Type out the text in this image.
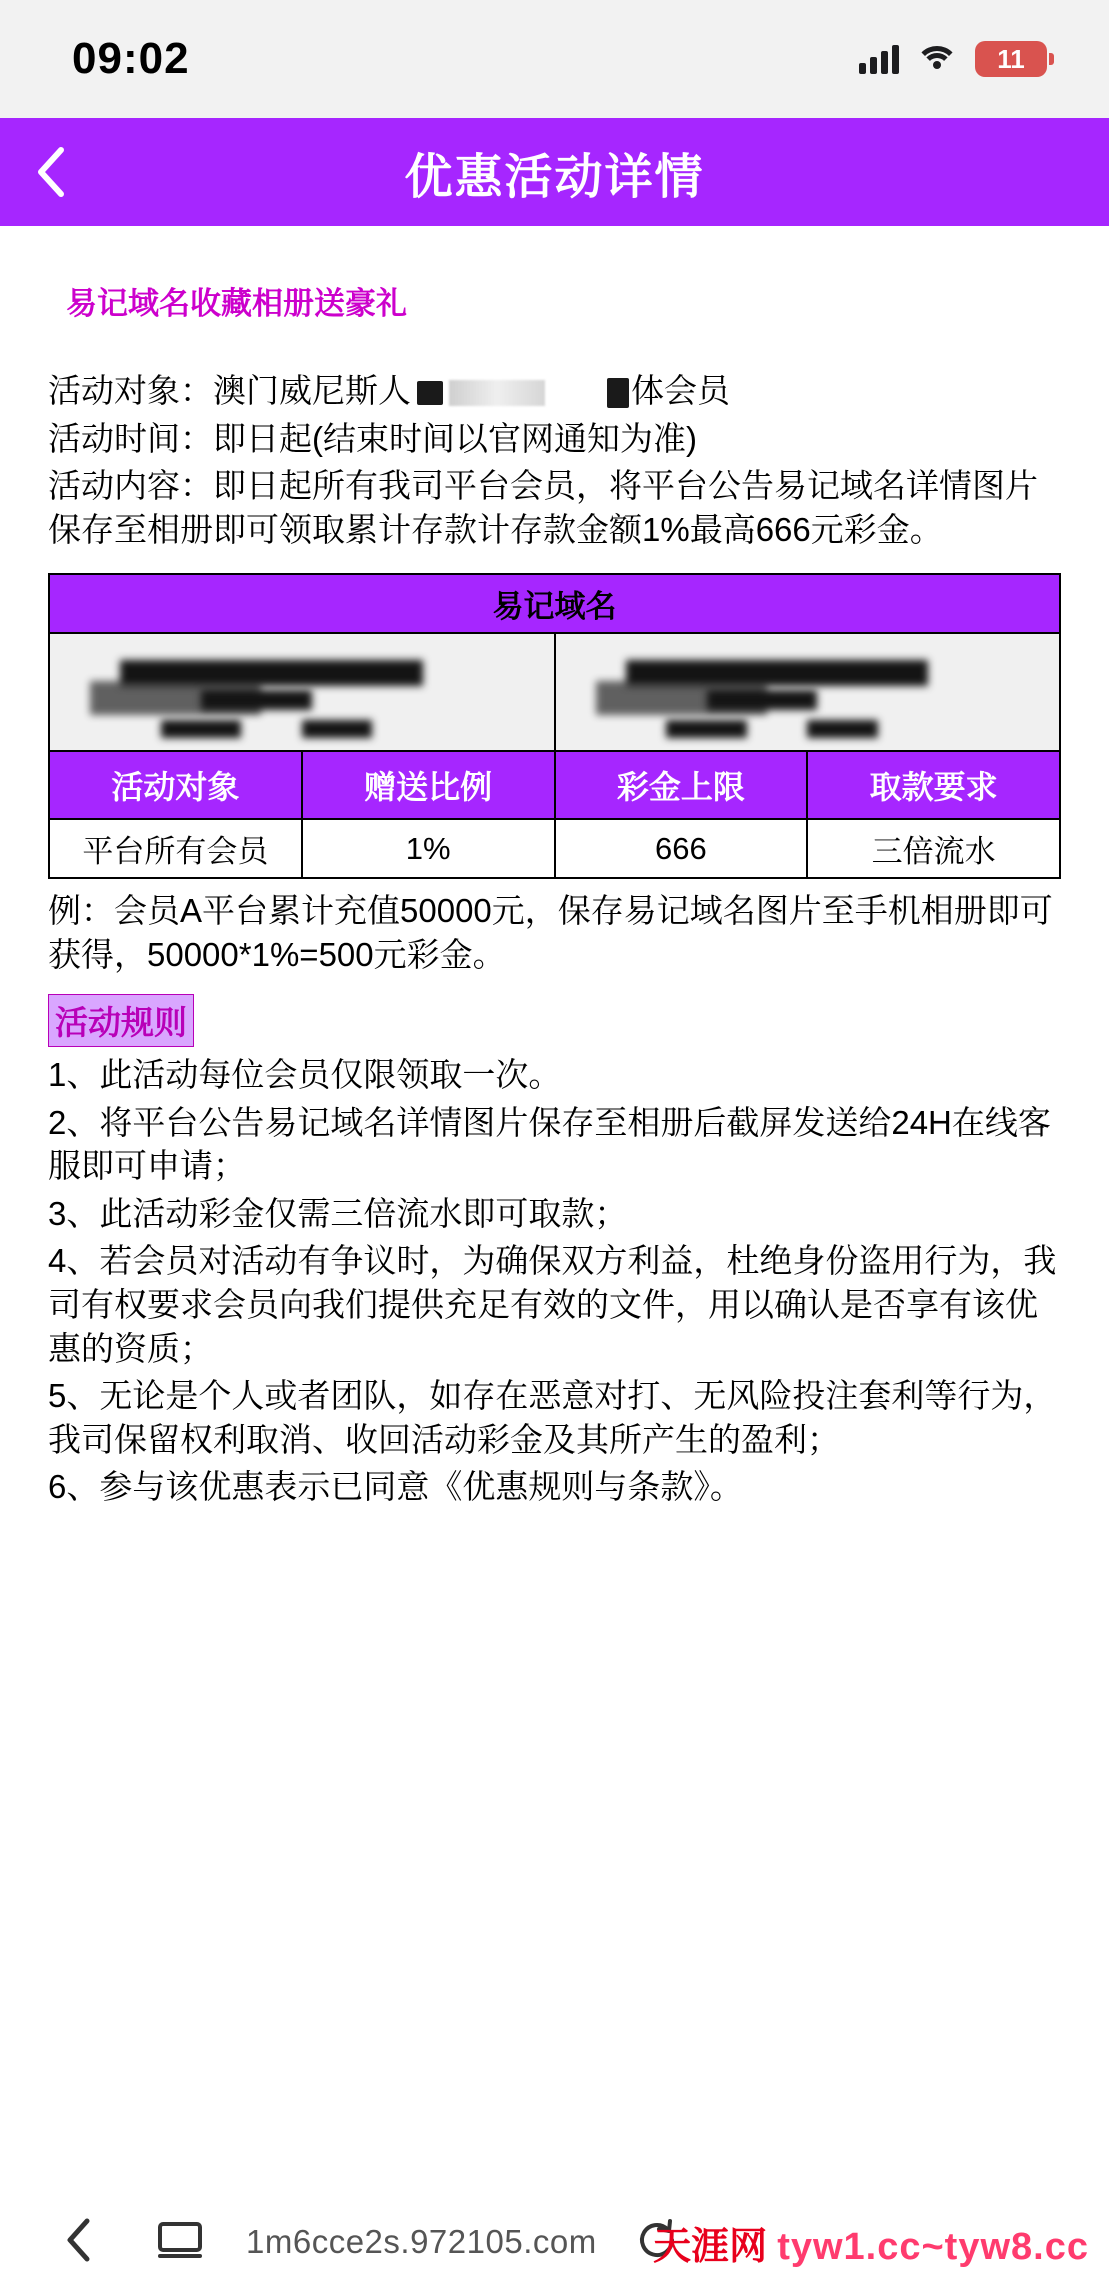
09:02	11
优惠活动详情
易记域名收藏相册送豪礼

活动对象：澳门威尼斯人	体会员

活动时间：即日起(结束时间以官网通知为准)

活动内容：即日起所有我司平台会员，将平台公告易记域名详情图片保存至相册即可领取累计存款计存款金额1%最高666元彩金。

易记域名			

活动对象	赠送比例	彩金上限	取款要求
平台所有会员	1%	666	三倍流水

例：会员A平台累计充值50000元，保存易记域名图片至手机相册即可获得，50000*1%=500元彩金。

活动规则

1、此活动每位会员仅限领取一次。

2、将平台公告易记域名详情图片保存至相册后截屏发送给24H在线客服即可申请；

3、此活动彩金仅需三倍流水即可取款；

4、若会员对活动有争议时，为确保双方利益，杜绝身份盗用行为，我司有权要求会员向我们提供充足有效的文件，用以确认是否享有该优惠的资质；

5、无论是个人或者团队，如存在恶意对打、无风险投注套利等行为，我司保留权利取消、收回活动彩金及其所产生的盈利；

6、参与该优惠表示已同意《优惠规则与条款》。

1m6cce2s.972105.com 天涯网 tyw1.cc~tyw8.cc
